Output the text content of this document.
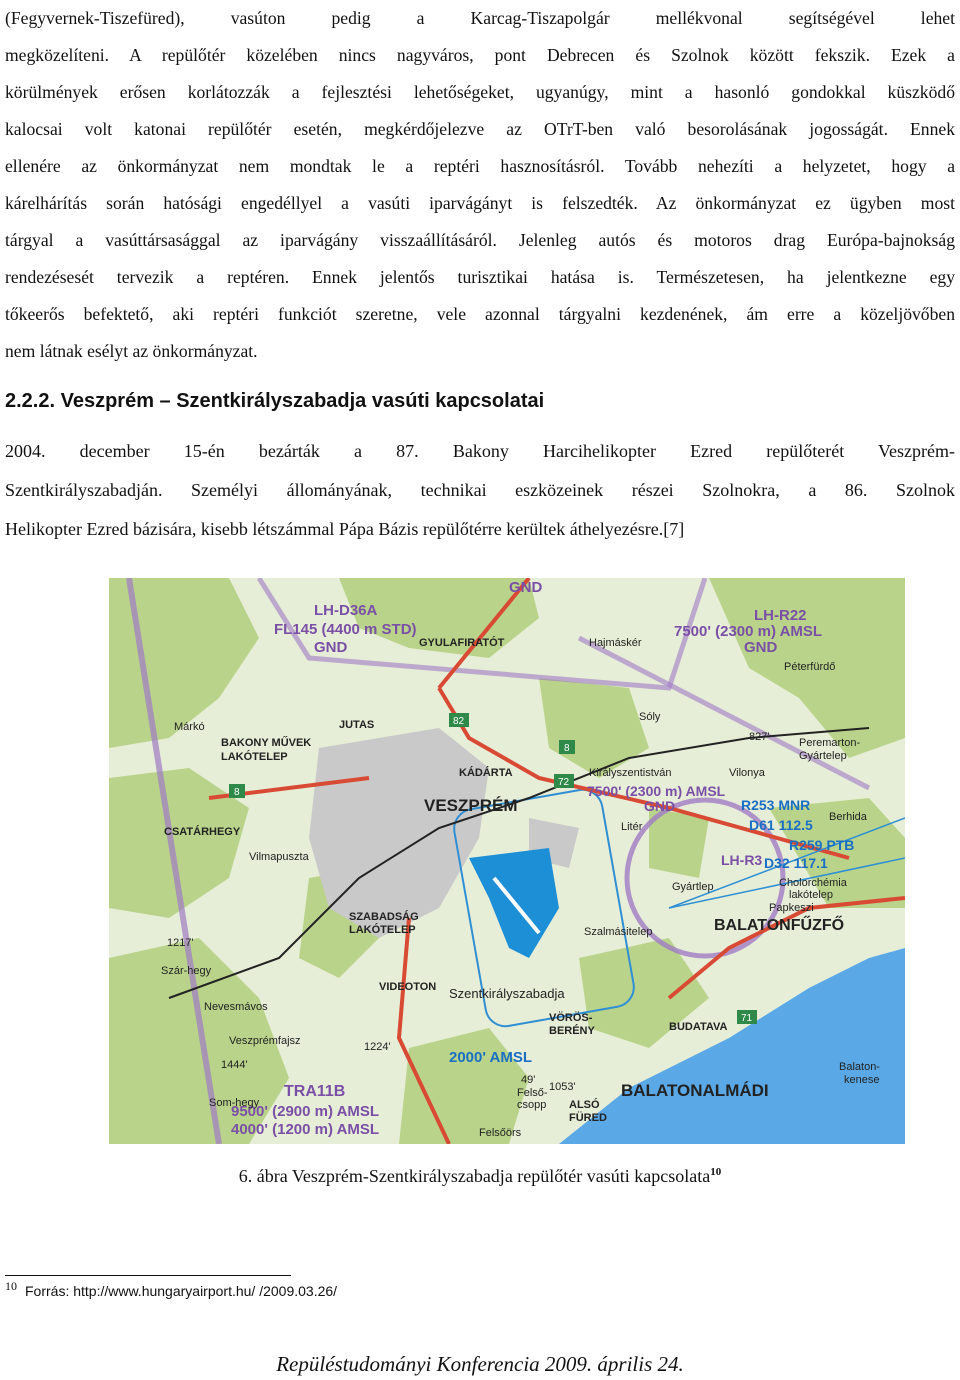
(Fegyvernek-Tiszefüred), vasúton pedig a Karcag-Tiszapolgár mellékvonal segítségével lehet
megközelíteni. A repülőtér közelében nincs nagyváros, pont Debrecen és Szolnok között fekszik. Ezek a
körülmények erősen korlátozzák a fejlesztési lehetőségeket, ugyanúgy, mint a hasonló gondokkal küszködő
kalocsai volt katonai repülőtér esetén, megkérdőjelezve az OTrT-ben való besorolásának jogosságát. Ennek
ellenére az önkormányzat nem mondtak le a reptéri hasznosításról. Tovább nehezíti a helyzetet, hogy a
kárelhárítás során hatósági engedéllyel a vasúti iparvágányt is felszedték. Az önkormányzat ez ügyben most
tárgyal a vasúttársasággal az iparvágány visszaállításáról. Jelenleg autós és motoros drag Európa-bajnokság
rendezésesét tervezik a reptéren. Ennek jelentős turisztikai hatása is. Természetesen, ha jelentkezne egy
tőkeerős befektető, aki reptéri funkciót szeretne, vele azonnal tárgyalni kezdenének, ám erre a közeljövőben
nem látnak esélyt az önkormányzat.

2.2.2. Veszprém – Szentkirályszabadja vasúti kapcsolatai

2004. december 15-én bezárták a 87. Bakony Harcihelikopter Ezred repülőterét Veszprém-
Szentkirályszabadján. Személyi állományának, technikai eszközeinek részei Szolnokra, a 86. Szolnok
Helikopter Ezred bázisára, kisebb létszámmal Pápa Bázis repülőtérre kerültek áthelyezésre.[7]

LH-D36A
FL145 (4400 m STD)
GND
GND
LH-R22
7500' (2300 m) AMSL
GND
7500' (2300 m) AMSL
GND
LH-R3
TRA11B
9500' (2900 m) AMSL
4000' (1200 m) AMSL
R253 MNR
D61 112.5
R259 PTB
D32 117.1
2000' AMSL
Péterfürdő
GYULAFIRATÓT	Hajmáskér
Márkó	JUTAS
Sóly
BAKONY MŰVEK
LAKÓTELEP
Peremarton-
Gyártelep
KÁDÁRTA	Királyszentistván	Vilonya
VESZPRÉM
Berhida
CSATÁRHEGY	Litér
Vilmapuszta
Gyártlep	Cholorchémia
lakótelep
Papkeszi
SZABADSÁG
LAKÓTELEP	Szalmásitelep	BALATONFŰZFŐ
1217'
Szár-hegy
Szentkirályszabadja
VIDEOTON
Nevesmávos
VÖRÖS-
BERÉNY	BUDATAVA
Veszprémfajsz	1224'
1444'
Som-hegy
49'
Felső-
csopp
1053'
ALSÓ
FÜRED
Felsőörs
BALATONALMÁDI
Balaton-
kenese
827'
82
8
72
8
71
6. ábra Veszprém-Szentkirályszabadja repülőtér vasúti kapcsolata$^{10}$
$^{10}$ Forrás: http://www.hungaryairport.hu/ /2009.03.26/
Repüléstudományi Konferencia 2009. április 24.
